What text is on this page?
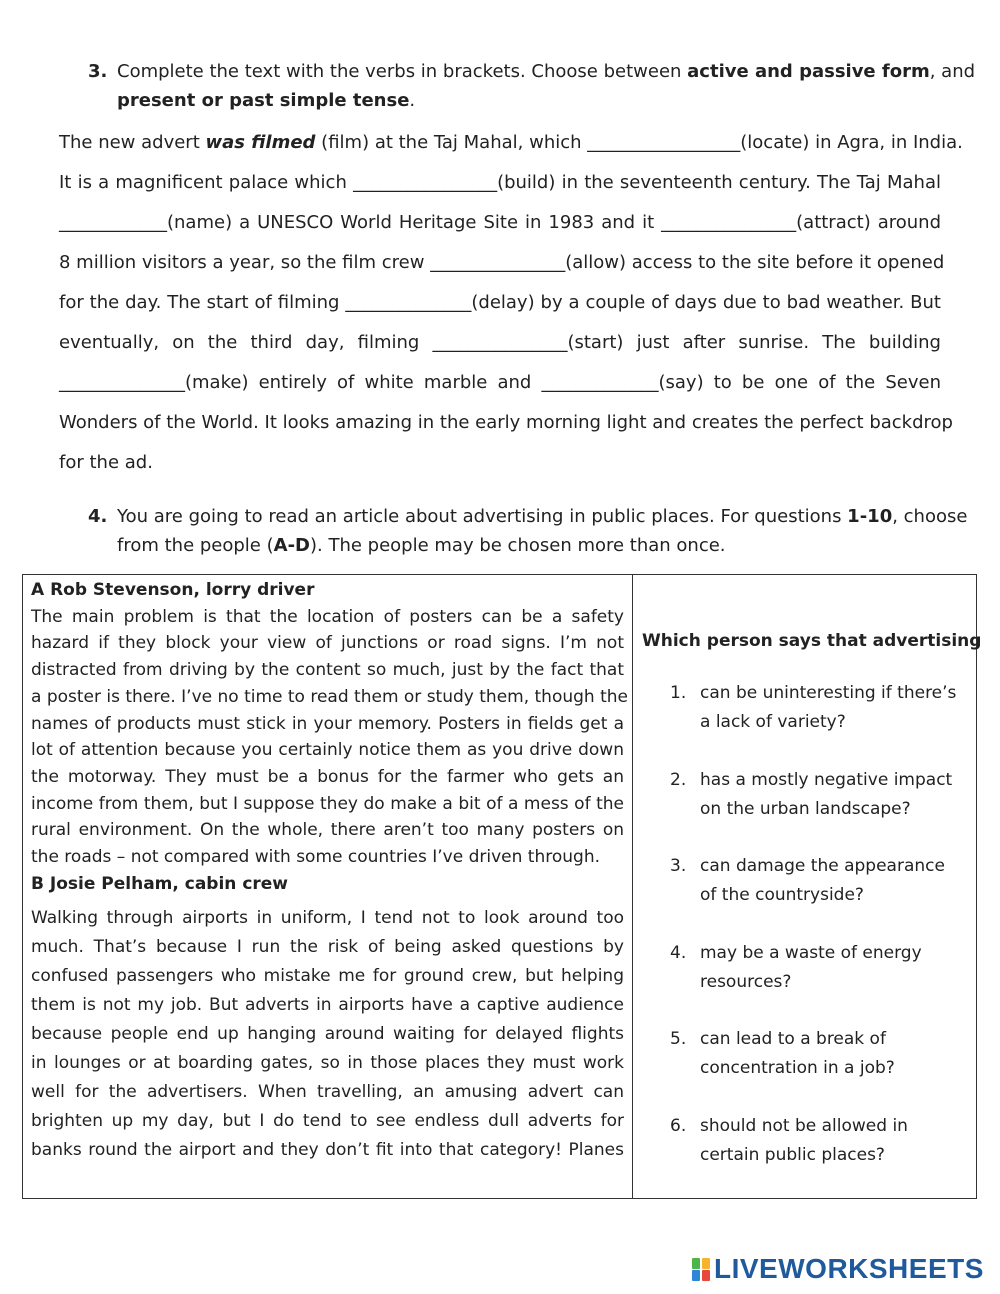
3. Complete the text with the verbs in brackets. Choose between active and passive form, and
present or past simple tense.
The new advert was filmed (film) at the Taj Mahal, which _________________(locate) in Agra, in India.
It is a magnificent palace which ________________(build) in the seventeenth century. The Taj Mahal
____________(name) a UNESCO World Heritage Site in 1983 and it _______________(attract) around
8 million visitors a year, so the film crew _______________(allow) access to the site before it opened
for the day. The start of filming ______________(delay) by a couple of days due to bad weather. But
eventually, on the third day, filming _______________(start) just after sunrise. The building
______________(make) entirely of white marble and _____________(say) to be one of the Seven
Wonders of the World. It looks amazing in the early morning light and creates the perfect backdrop
for the ad.
4. You are going to read an article about advertising in public places. For questions 1-10, choose
from the people (A-D). The people may be chosen more than once.
A Rob Stevenson, lorry driver
The main problem is that the location of posters can be a safety
hazard if they block your view of junctions or road signs. I’m not
distracted from driving by the content so much, just by the fact that
a poster is there. I’ve no time to read them or study them, though the
names of products must stick in your memory. Posters in fields get a
lot of attention because you certainly notice them as you drive down
the motorway. They must be a bonus for the farmer who gets an
income from them, but I suppose they do make a bit of a mess of the
rural environment. On the whole, there aren’t too many posters on
the roads – not compared with some countries I’ve driven through.
B Josie Pelham, cabin crew
Walking through airports in uniform, I tend not to look around too
much. That’s because I run the risk of being asked questions by
confused passengers who mistake me for ground crew, but helping
them is not my job. But adverts in airports have a captive audience
because people end up hanging around waiting for delayed flights
in lounges or at boarding gates, so in those places they must work
well for the advertisers. When travelling, an amusing advert can
brighten up my day, but I do tend to see endless dull adverts for
banks round the airport and they don’t fit into that category! Planes
Which person says that advertising
1. can be uninteresting if there’s
a lack of variety?
2. has a mostly negative impact
on the urban landscape?
3. can damage the appearance
of the countryside?
4. may be a waste of energy
resources?
5. can lead to a break of
concentration in a job?
6. should not be allowed in
certain public places?
LIVEWORKSHEETS
